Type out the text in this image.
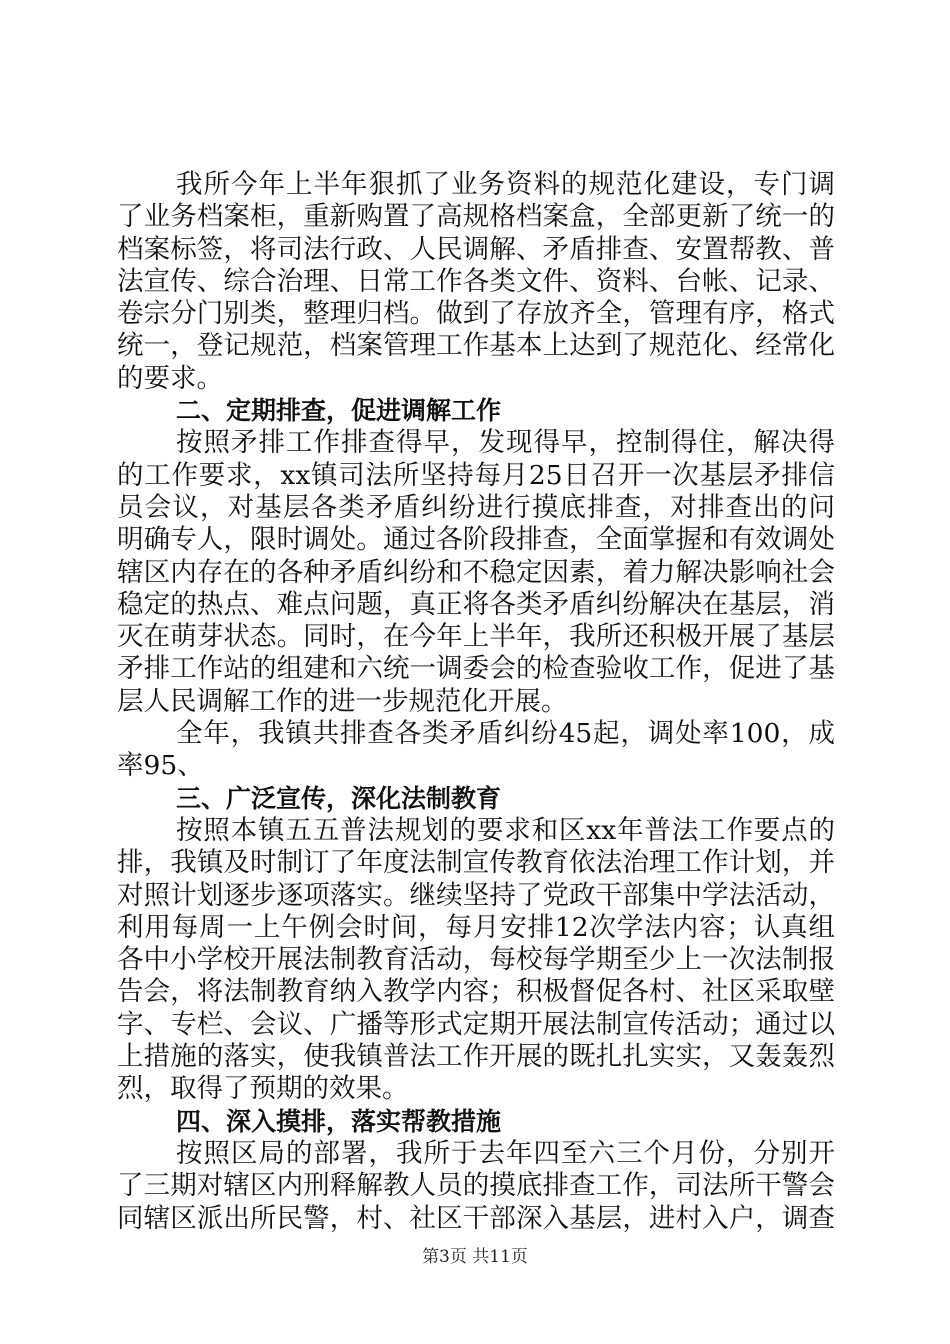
我所今年上半年狠抓了业务资料的规范化建设，专门调
了业务档案柜，重新购置了高规格档案盒，全部更新了统一的
档案标签，将司法行政、人民调解、矛盾排查、安置帮教、普
法宣传、综合治理、日常工作各类文件、资料、台帐、记录、
卷宗分门别类，整理归档。做到了存放齐全，管理有序，格式
统一，登记规范，档案管理工作基本上达到了规范化、经常化
的要求。
二、定期排查，促进调解工作
按照矛排工作排查得早，发现得早，控制得住，解决得
的工作要求，xx镇司法所坚持每月25日召开一次基层矛排信
员会议，对基层各类矛盾纠纷进行摸底排查，对排查出的问
明确专人，限时调处。通过各阶段排查，全面掌握和有效调处
辖区内存在的各种矛盾纠纷和不稳定因素，着力解决影响社会
稳定的热点、难点问题，真正将各类矛盾纠纷解决在基层，消
灭在萌芽状态。同时，在今年上半年，我所还积极开展了基层
矛排工作站的组建和六统一调委会的检查验收工作，促进了基
层人民调解工作的进一步规范化开展。
全年，我镇共排查各类矛盾纠纷45起，调处率100，成
率95、
三、广泛宣传，深化法制教育
按照本镇五五普法规划的要求和区xx年普法工作要点的
排，我镇及时制订了年度法制宣传教育依法治理工作计划，并
对照计划逐步逐项落实。继续坚持了党政干部集中学法活动，
利用每周一上午例会时间，每月安排12次学法内容；认真组
各中小学校开展法制教育活动，每校每学期至少上一次法制报
告会，将法制教育纳入教学内容；积极督促各村、社区采取壁
字、专栏、会议、广播等形式定期开展法制宣传活动；通过以
上措施的落实，使我镇普法工作开展的既扎扎实实，又轰轰烈
烈，取得了预期的效果。
四、深入摸排，落实帮教措施
按照区局的部署，我所于去年四至六三个月份，分别开
了三期对辖区内刑释解教人员的摸底排查工作，司法所干警会
同辖区派出所民警，村、社区干部深入基层，进村入户，调查
第3页 共11页
